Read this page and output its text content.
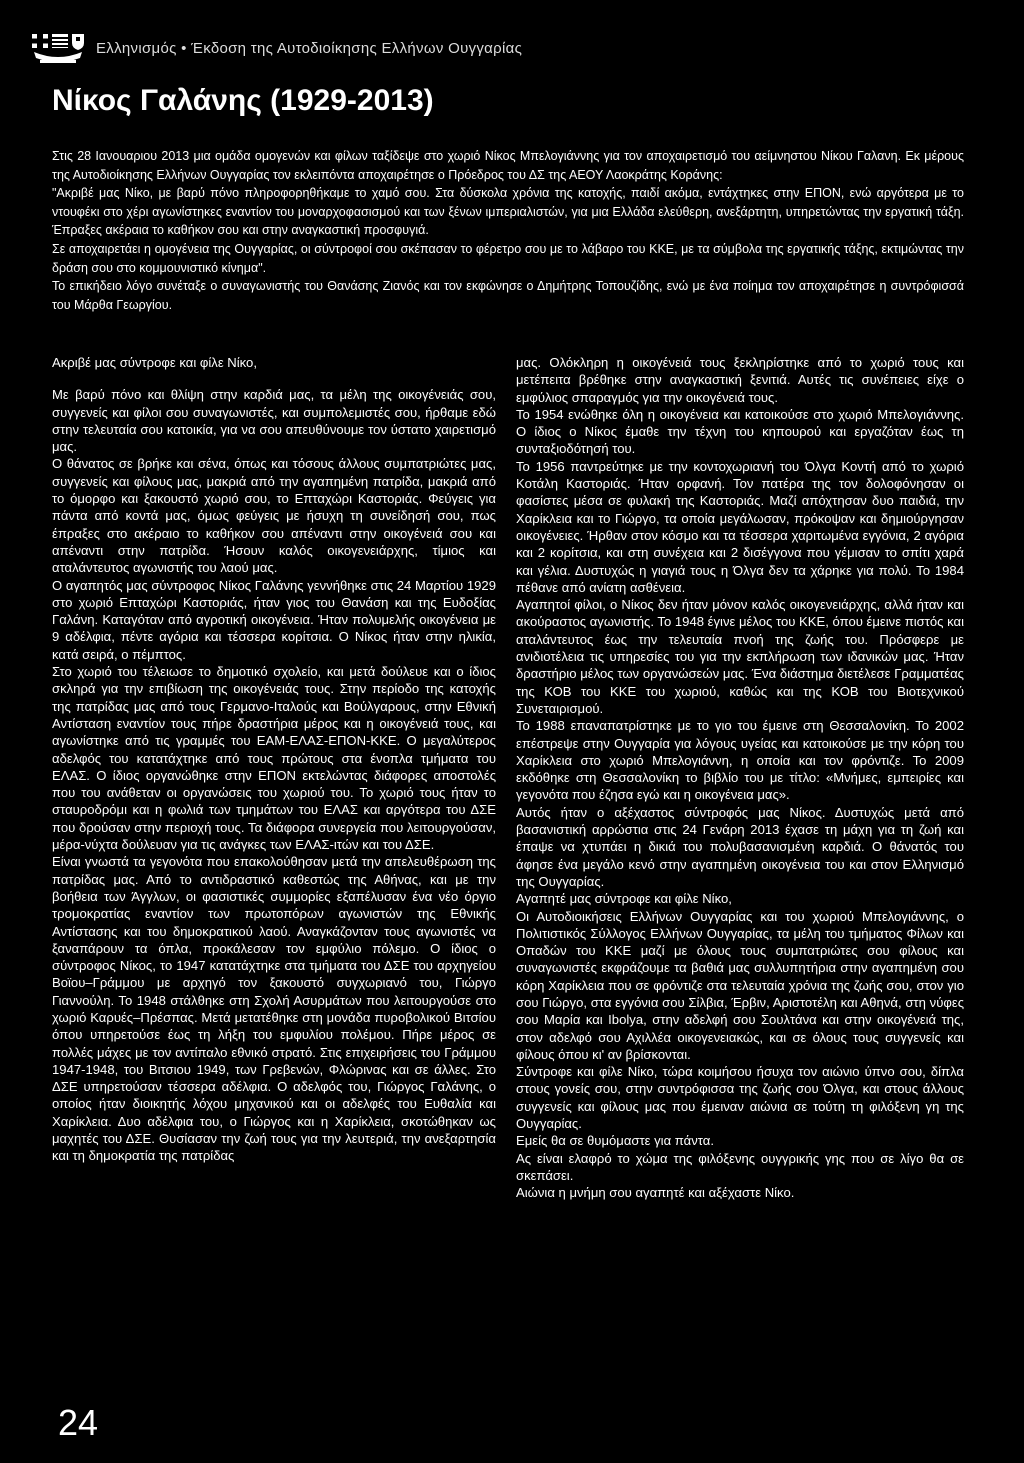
Ελληνισμός • Έκδοση της Αυτοδιοίκησης Ελλήνων Ουγγαρίας
Νίκος Γαλάνης (1929-2013)

Στις 28 Ιανουαριου 2013 μια ομάδα ομογενών και φίλων ταξίδεψε στο χωριό Νίκος Μπελογιάννης για τον αποχαιρετισμό του αείμνηστου Νίκου Γαλανη. Εκ μέρους της Αυτοδιοίκησης Ελλήνων Ουγγαρίας τον εκλειπόντα αποχαιρέτησε ο Πρόεδρος του ΔΣ της ΑΕΟΥ Λαοκράτης Κοράνης:

"Ακριβέ μας Νίκο, με βαρύ πόνο πληροφορηθήκαμε το χαμό σου. Στα δύσκολα χρόνια της κατοχής, παιδί ακόμα, εντάχτηκες στην ΕΠΟΝ, ενώ αργότερα με το ντουφέκι στο χέρι αγωνίστηκες εναντίον του μοναρχοφασισμού και των ξένων ιμπεριαλιστών, για μια Ελλάδα ελεύθερη, ανεξάρτητη, υπηρετώντας την εργατική τάξη. Έπραξες ακέραια το καθήκον σου και στην αναγκαστική προσφυγιά.

Σε αποχαιρετάει η ομογένεια της Ουγγαρίας, οι σύντροφοί σου σκέπασαν το φέρετρο σου με το λάβαρο του ΚΚΕ, με τα σύμβολα της εργατικής τάξης, εκτιμώντας την δράση σου στο κομμουνιστικό κίνημα".

Το επικήδειο λόγο συνέταξε ο συναγωνιστής του Θανάσης Ζιανός και τον εκφώνησε ο Δημήτρης Τοπουζίδης, ενώ με ένα ποίημα τον αποχαιρέτησε η συντρόφισσά του Μάρθα Γεωργίου.

Ακριβέ μας σύντροφε και φίλε Νίκο,

Με βαρύ πόνο και θλίψη στην καρδιά μας, τα μέλη της οικογένειάς σου, συγγενείς και φίλοι σου συναγωνιστές, και συμπολεμιστές σου, ήρθαμε εδώ στην τελευταία σου κατοικία, για να σου απευθύνουμε τον ύστατο χαιρετισμό μας.

Ο θάνατος σε βρήκε και σένα, όπως και τόσους άλλους συμπατριώτες μας, συγγενείς και φίλους μας, μακριά από την αγαπημένη πατρίδα, μακριά από το όμορφο και ξακουστό χωριό σου, το Επταχώρι Καστοριάς. Φεύγεις για πάντα από κοντά μας, όμως φεύγεις με ήσυχη τη συνείδησή σου, πως έπραξες στο ακέραιο το καθήκον σου απέναντι στην οικογένειά σου και απέναντι στην πατρίδα. Ήσουν καλός οικογενειάρχης, τίμιος και αταλάντευτος αγωνιστής του λαού μας.

Ο αγαπητός μας σύντροφος Νίκος Γαλάνης γεννήθηκε στις 24 Μαρτίου 1929 στο χωριό Επταχώρι Καστοριάς, ήταν γιος του Θανάση και της Ευδοξίας Γαλάνη. Καταγόταν από αγροτική οικογένεια. Ήταν πολυμελής οικογένεια με 9 αδέλφια, πέντε αγόρια και τέσσερα κορίτσια. Ο Νίκος ήταν στην ηλικία, κατά σειρά, ο πέμπτος.

Στο χωριό του τέλειωσε το δημοτικό σχολείο, και μετά δούλευε και ο ίδιος σκληρά για την επιβίωση της οικογένειάς τους. Στην περίοδο της κατοχής της πατρίδας μας από τους Γερμανο-Ιταλούς και Βούλγαρους, στην Εθνική Αντίσταση εναντίον τους πήρε δραστήρια μέρος και η οικογένειά τους, και αγωνίστηκε από τις γραμμές του ΕΑΜ-ΕΛΑΣ-ΕΠΟΝ-ΚΚΕ. Ο μεγαλύτερος αδελφός του κατατάχτηκε από τους πρώτους στα ένοπλα τμήματα του ΕΛΑΣ. Ο ίδιος οργανώθηκε στην ΕΠΟΝ εκτελώντας διάφορες αποστολές που του ανάθεταν οι οργανώσεις του χωριού του. Το χωριό τους ήταν το σταυροδρόμι και η φωλιά των τμημάτων του ΕΛΑΣ και αργότερα του ΔΣΕ που δρούσαν στην περιοχή τους. Τα διάφορα συνεργεία που λειτουργούσαν, μέρα-νύχτα δούλευαν για τις ανάγκες των ΕΛΑΣ-ιτών και του ΔΣΕ.

Είναι γνωστά τα γεγονότα που επακολούθησαν μετά την απελευθέρωση της πατρίδας μας. Από το αντιδραστικό καθεστώς της Αθήνας, και με την βοήθεια των Άγγλων, οι φασιστικές συμμορίες εξαπέλυσαν ένα νέο όργιο τρομοκρατίας εναντίον των πρωτοπόρων αγωνιστών της Εθνικής Αντίστασης και του δημοκρατικού λαού. Αναγκάζονταν τους αγωνιστές να ξαναπάρουν τα όπλα, προκάλεσαν τον εμφύλιο πόλεμο. Ο ίδιος ο σύντροφος Νίκος, το 1947 κατατάχτηκε στα τμήματα του ΔΣΕ του αρχηγείου Βοϊου–Γράμμου με αρχηγό τον ξακουστό συγχωριανό του, Γιώργο Γιαννούλη. Το 1948 στάλθηκε στη Σχολή Ασυρμάτων που λειτουργούσε στο χωριό Καρυές–Πρέσπας. Μετά μετατέθηκε στη μονάδα πυροβολικού Βιτσίου όπου υπηρετούσε έως τη λήξη του εμφυλίου πολέμου. Πήρε μέρος σε πολλές μάχες με τον αντίπαλο εθνικό στρατό. Στις επιχειρήσεις του Γράμμου 1947-1948, του Βιτσιου 1949, των Γρεβενών, Φλώρινας και σε άλλες. Στο ΔΣΕ υπηρετούσαν τέσσερα αδέλφια. Ο αδελφός του, Γιώργος Γαλάνης, ο οποίος ήταν διοικητής λόχου μηχανικού και οι αδελφές του Ευθαλία και Χαρίκλεια. Δυο αδέλφια του, ο Γιώργος και η Χαρίκλεια, σκοτώθηκαν ως μαχητές του ΔΣΕ. Θυσίασαν την ζωή τους για την λευτεριά, την ανεξαρτησία και τη δημοκρατία της πατρίδας

μας. Ολόκληρη η οικογένειά τους ξεκληρίστηκε από το χωριό τους και μετέπειτα βρέθηκε στην αναγκαστική ξενιτιά. Αυτές τις συνέπειες είχε ο εμφύλιος σπαραγμός για την οικογένειά τους.

Το 1954 ενώθηκε όλη η οικογένεια και κατοικούσε στο χωριό Μπελογιάννης. Ο ίδιος ο Νίκος έμαθε την τέχνη του κηπουρού και εργαζόταν έως τη συνταξιοδότησή του.

Το 1956 παντρεύτηκε με την κοντοχωριανή του Όλγα Κοντή από το χωριό Κοτάλη Καστοριάς. Ήταν ορφανή. Τον πατέρα της τον δολοφόνησαν οι φασίστες μέσα σε φυλακή της Καστοριάς. Μαζί απόχτησαν δυο παιδιά, την Χαρίκλεια και το Γιώργο, τα οποία μεγάλωσαν, πρόκοψαν και δημιούργησαν οικογένειες. Ήρθαν στον κόσμο και τα τέσσερα χαριτωμένα εγγόνια, 2 αγόρια και 2 κορίτσια, και στη συνέχεια και 2 δισέγγονα που γέμισαν το σπίτι χαρά και γέλια. Δυστυχώς η γιαγιά τους η Όλγα δεν τα χάρηκε για πολύ. Το 1984 πέθανε από ανίατη ασθένεια.

Αγαπητοί φίλοι, ο Νίκος δεν ήταν μόνον καλός οικογενειάρχης, αλλά ήταν και ακούραστος αγωνιστής. Το 1948 έγινε μέλος του ΚΚΕ, όπου έμεινε πιστός και αταλάντευτος έως την τελευταία πνοή της ζωής του. Πρόσφερε με ανιδιοτέλεια τις υπηρεσίες του για την εκπλήρωση των ιδανικών μας. Ήταν δραστήριο μέλος των οργανώσεών μας. Ένα διάστημα διετέλεσε Γραμματέας της ΚΟΒ του ΚΚΕ του χωριού, καθώς και της ΚΟΒ του Βιοτεχνικού Συνεταιρισμού.

Το 1988 επαναπατρίστηκε με το γιο του έμεινε στη Θεσσαλονίκη. Το 2002 επέστρεψε στην Ουγγαρία για λόγους υγείας και κατοικούσε με την κόρη του Χαρίκλεια στο χωριό Μπελογιάννη, η οποία και τον φρόντιζε. Το 2009 εκδόθηκε στη Θεσσαλονίκη το βιβλίο του με τίτλο: «Μνήμες, εμπειρίες και γεγονότα που έζησα εγώ και η οικογένεια μας».

Αυτός ήταν ο αξέχαστος σύντροφός μας Νίκος. Δυστυχώς μετά από βασανιστική αρρώστια στις 24 Γενάρη 2013 έχασε τη μάχη για τη ζωή και έπαψε να χτυπάει η δικιά του πολυβασανισμένη καρδιά. Ο θάνατός του άφησε ένα μεγάλο κενό στην αγαπημένη οικογένεια του και στον Ελληνισμό της Ουγγαρίας.

Αγαπητέ μας σύντροφε και φίλε Νίκο,

Οι Αυτοδιοικήσεις Ελλήνων Ουγγαρίας και του χωριού Μπελογιάννης, ο Πολιτιστικός Σύλλογος Ελλήνων Ουγγαρίας, τα μέλη του τμήματος Φίλων και Οπαδών του ΚΚΕ μαζί με όλους τους συμπατριώτες σου φίλους και συναγωνιστές εκφράζουμε τα βαθιά μας συλλυπητήρια στην αγαπημένη σου κόρη Χαρίκλεια που σε φρόντιζε στα τελευταία χρόνια της ζωής σου, στον γιο σου Γιώργο, στα εγγόνια σου Σίλβια, Έρβιν, Αριστοτέλη και Αθηνά, στη νύφες σου Μαρία και Ibolya, στην αδελφή σου Σουλτάνα και στην οικογένειά της, στον αδελφό σου Αχιλλέα οικογενειακώς, και σε όλους τους συγγενείς και φίλους όπου κι' αν βρίσκονται.

Σύντροφε και φίλε Νίκο, τώρα κοιμήσου ήσυχα τον αιώνιο ύπνο σου, δίπλα στους γονείς σου, στην συντρόφισσα της ζωής σου Όλγα, και στους άλλους συγγενείς και φίλους μας που έμειναν αιώνια σε τούτη τη φιλόξενη γη της Ουγγαρίας.

Εμείς θα σε θυμόμαστε για πάντα.

Ας είναι ελαφρό το χώμα της φιλόξενης ουγγρικής γης που σε λίγο θα σε σκεπάσει.

Αιώνια η μνήμη σου αγαπητέ και αξέχαστε Νίκο.

24
